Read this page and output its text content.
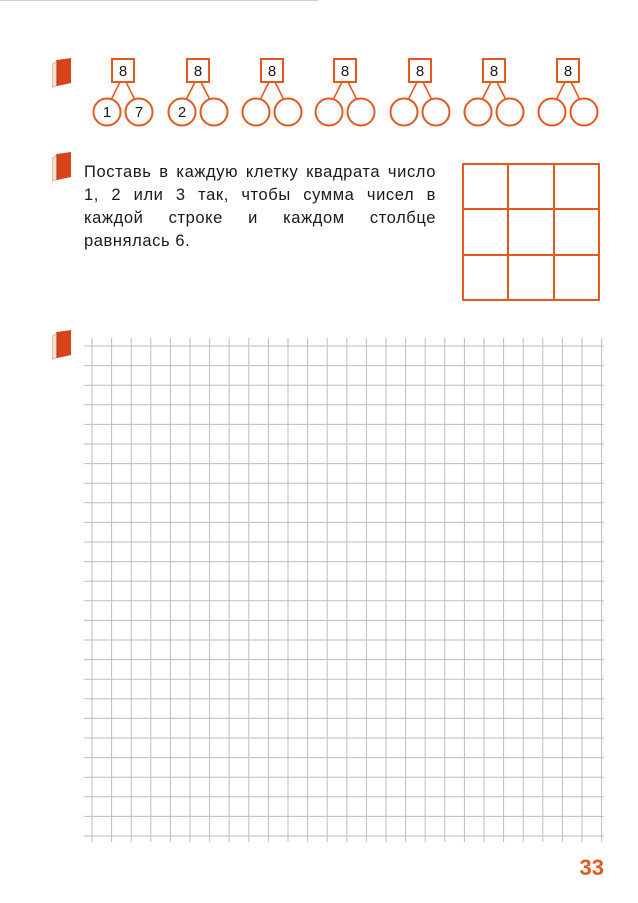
8
1 7
8
2
8	8	8	8	8
Поставь в каждую клетку квадрата число 1, 2 или 3 так, чтобы сумма чисел в каждой строке и каждом столбце равнялась 6.
33
